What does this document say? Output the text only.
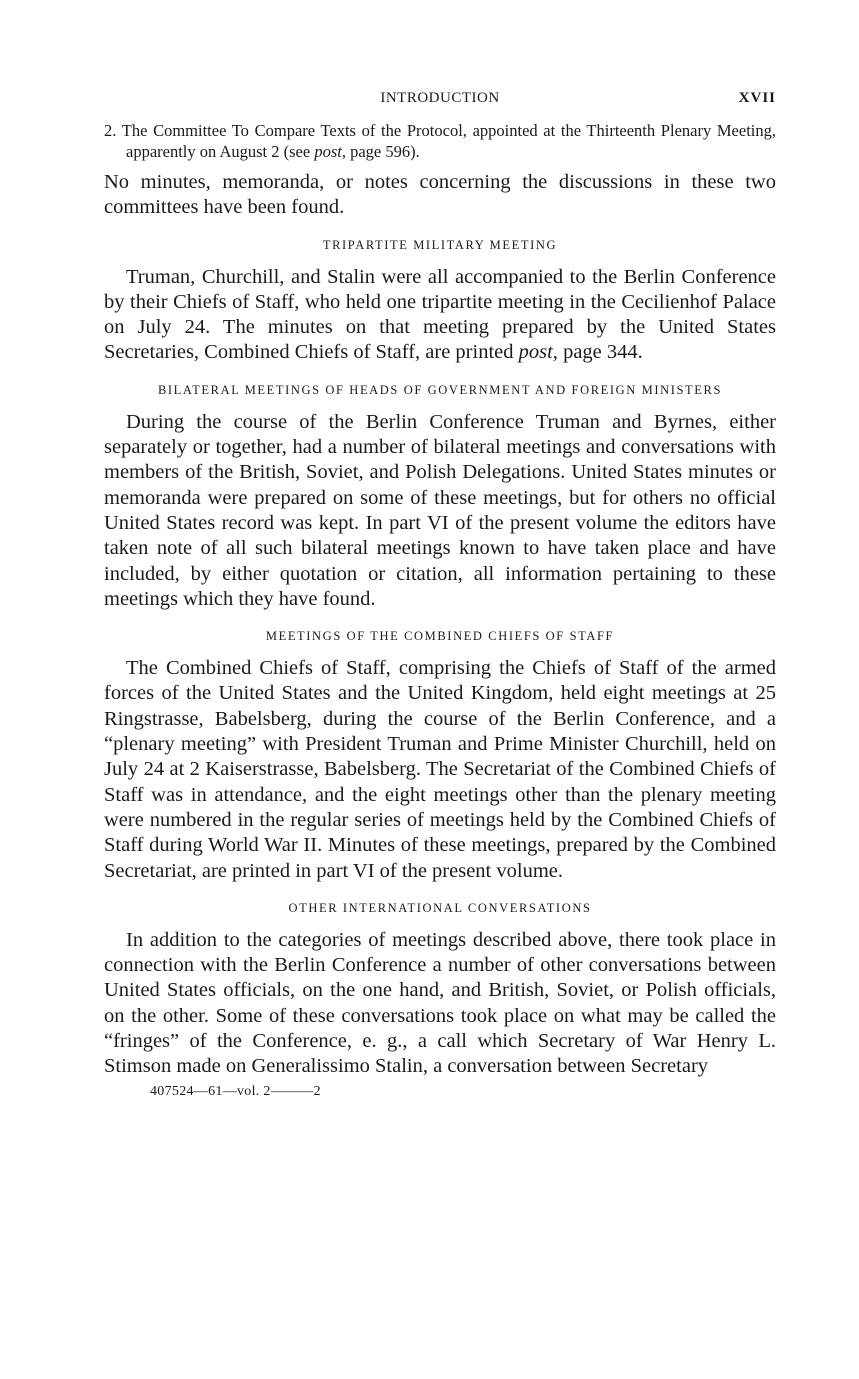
INTRODUCTION	XVII
2. The Committee To Compare Texts of the Protocol, appointed at the Thirteenth Plenary Meeting, apparently on August 2 (see post, page 596).

No minutes, memoranda, or notes concerning the discussions in these two committees have been found.

TRIPARTITE MILITARY MEETING

Truman, Churchill, and Stalin were all accompanied to the Berlin Conference by their Chiefs of Staff, who held one tripartite meeting in the Cecilienhof Palace on July 24. The minutes on that meeting prepared by the United States Secretaries, Combined Chiefs of Staff, are printed post, page 344.

BILATERAL MEETINGS OF HEADS OF GOVERNMENT AND FOREIGN MINISTERS

During the course of the Berlin Conference Truman and Byrnes, either separately or together, had a number of bilateral meetings and conversations with members of the British, Soviet, and Polish Delegations. United States minutes or memoranda were prepared on some of these meetings, but for others no official United States record was kept. In part VI of the present volume the editors have taken note of all such bilateral meetings known to have taken place and have included, by either quotation or citation, all information pertaining to these meetings which they have found.

MEETINGS OF THE COMBINED CHIEFS OF STAFF

The Combined Chiefs of Staff, comprising the Chiefs of Staff of the armed forces of the United States and the United Kingdom, held eight meetings at 25 Ringstrasse, Babelsberg, during the course of the Berlin Conference, and a “plenary meeting” with President Truman and Prime Minister Churchill, held on July 24 at 2 Kaiserstrasse, Babelsberg. The Secretariat of the Combined Chiefs of Staff was in attendance, and the eight meetings other than the plenary meeting were numbered in the regular series of meetings held by the Combined Chiefs of Staff during World War II. Minutes of these meetings, prepared by the Combined Secretariat, are printed in part VI of the present volume.

OTHER INTERNATIONAL CONVERSATIONS

In addition to the categories of meetings described above, there took place in connection with the Berlin Conference a number of other conversations between United States officials, on the one hand, and British, Soviet, or Polish officials, on the other. Some of these conversations took place on what may be called the “fringes” of the Conference, e. g., a call which Secretary of War Henry L. Stimson made on Generalissimo Stalin, a conversation between Secretary

407524—61—vol. 2———2
